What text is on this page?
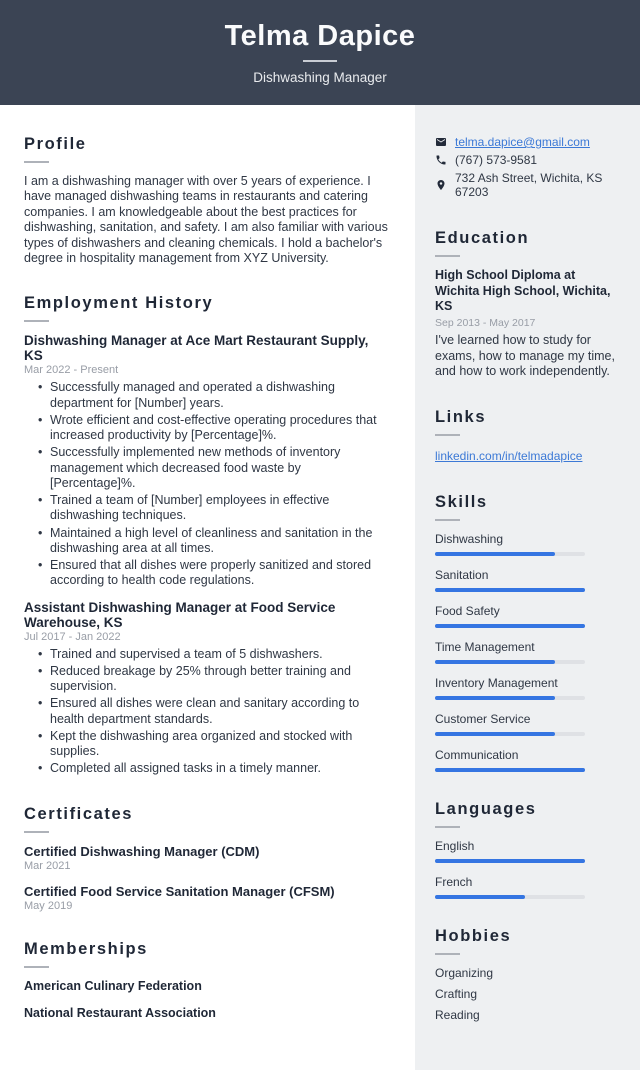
Telma Dapice
Dishwashing Manager
Profile

I am a dishwashing manager with over 5 years of experience. I have managed dishwashing teams in restaurants and catering companies. I am knowledgeable about the best practices for dishwashing, sanitation, and safety. I am also familiar with various types of dishwashers and cleaning chemicals. I hold a bachelor's degree in hospitality management from XYZ University.

Employment History
Dishwashing Manager at Ace Mart Restaurant Supply, KS
Mar 2022 - Present
• Successfully managed and operated a dishwashing department for [Number] years.
• Wrote efficient and cost-effective operating procedures that increased productivity by [Percentage]%.
• Successfully implemented new methods of inventory management which decreased food waste by [Percentage]%.
• Trained a team of [Number] employees in effective dishwashing techniques.
• Maintained a high level of cleanliness and sanitation in the dishwashing area at all times.
• Ensured that all dishes were properly sanitized and stored according to health code regulations.
Assistant Dishwashing Manager at Food Service Warehouse, KS
Jul 2017 - Jan 2022
• Trained and supervised a team of 5 dishwashers.
• Reduced breakage by 25% through better training and supervision.
• Ensured all dishes were clean and sanitary according to health department standards.
• Kept the dishwashing area organized and stocked with supplies.
• Completed all assigned tasks in a timely manner.
Certificates
Certified Dishwashing Manager (CDM)
Mar 2021
Certified Food Service Sanitation Manager (CFSM)
May 2019
Memberships
American Culinary Federation
National Restaurant Association
telma.dapice@gmail.com
(767) 573-9581
732 Ash Street, Wichita, KS 67203
Education
High School Diploma at Wichita High School, Wichita, KS
Sep 2013 - May 2017
I've learned how to study for exams, how to manage my time, and how to work independently.
Links
linkedin.com/in/telmadapice
Skills
Dishwashing
Sanitation
Food Safety
Time Management
Inventory Management
Customer Service
Communication
Languages
English
French
Hobbies
Organizing
Crafting
Reading
